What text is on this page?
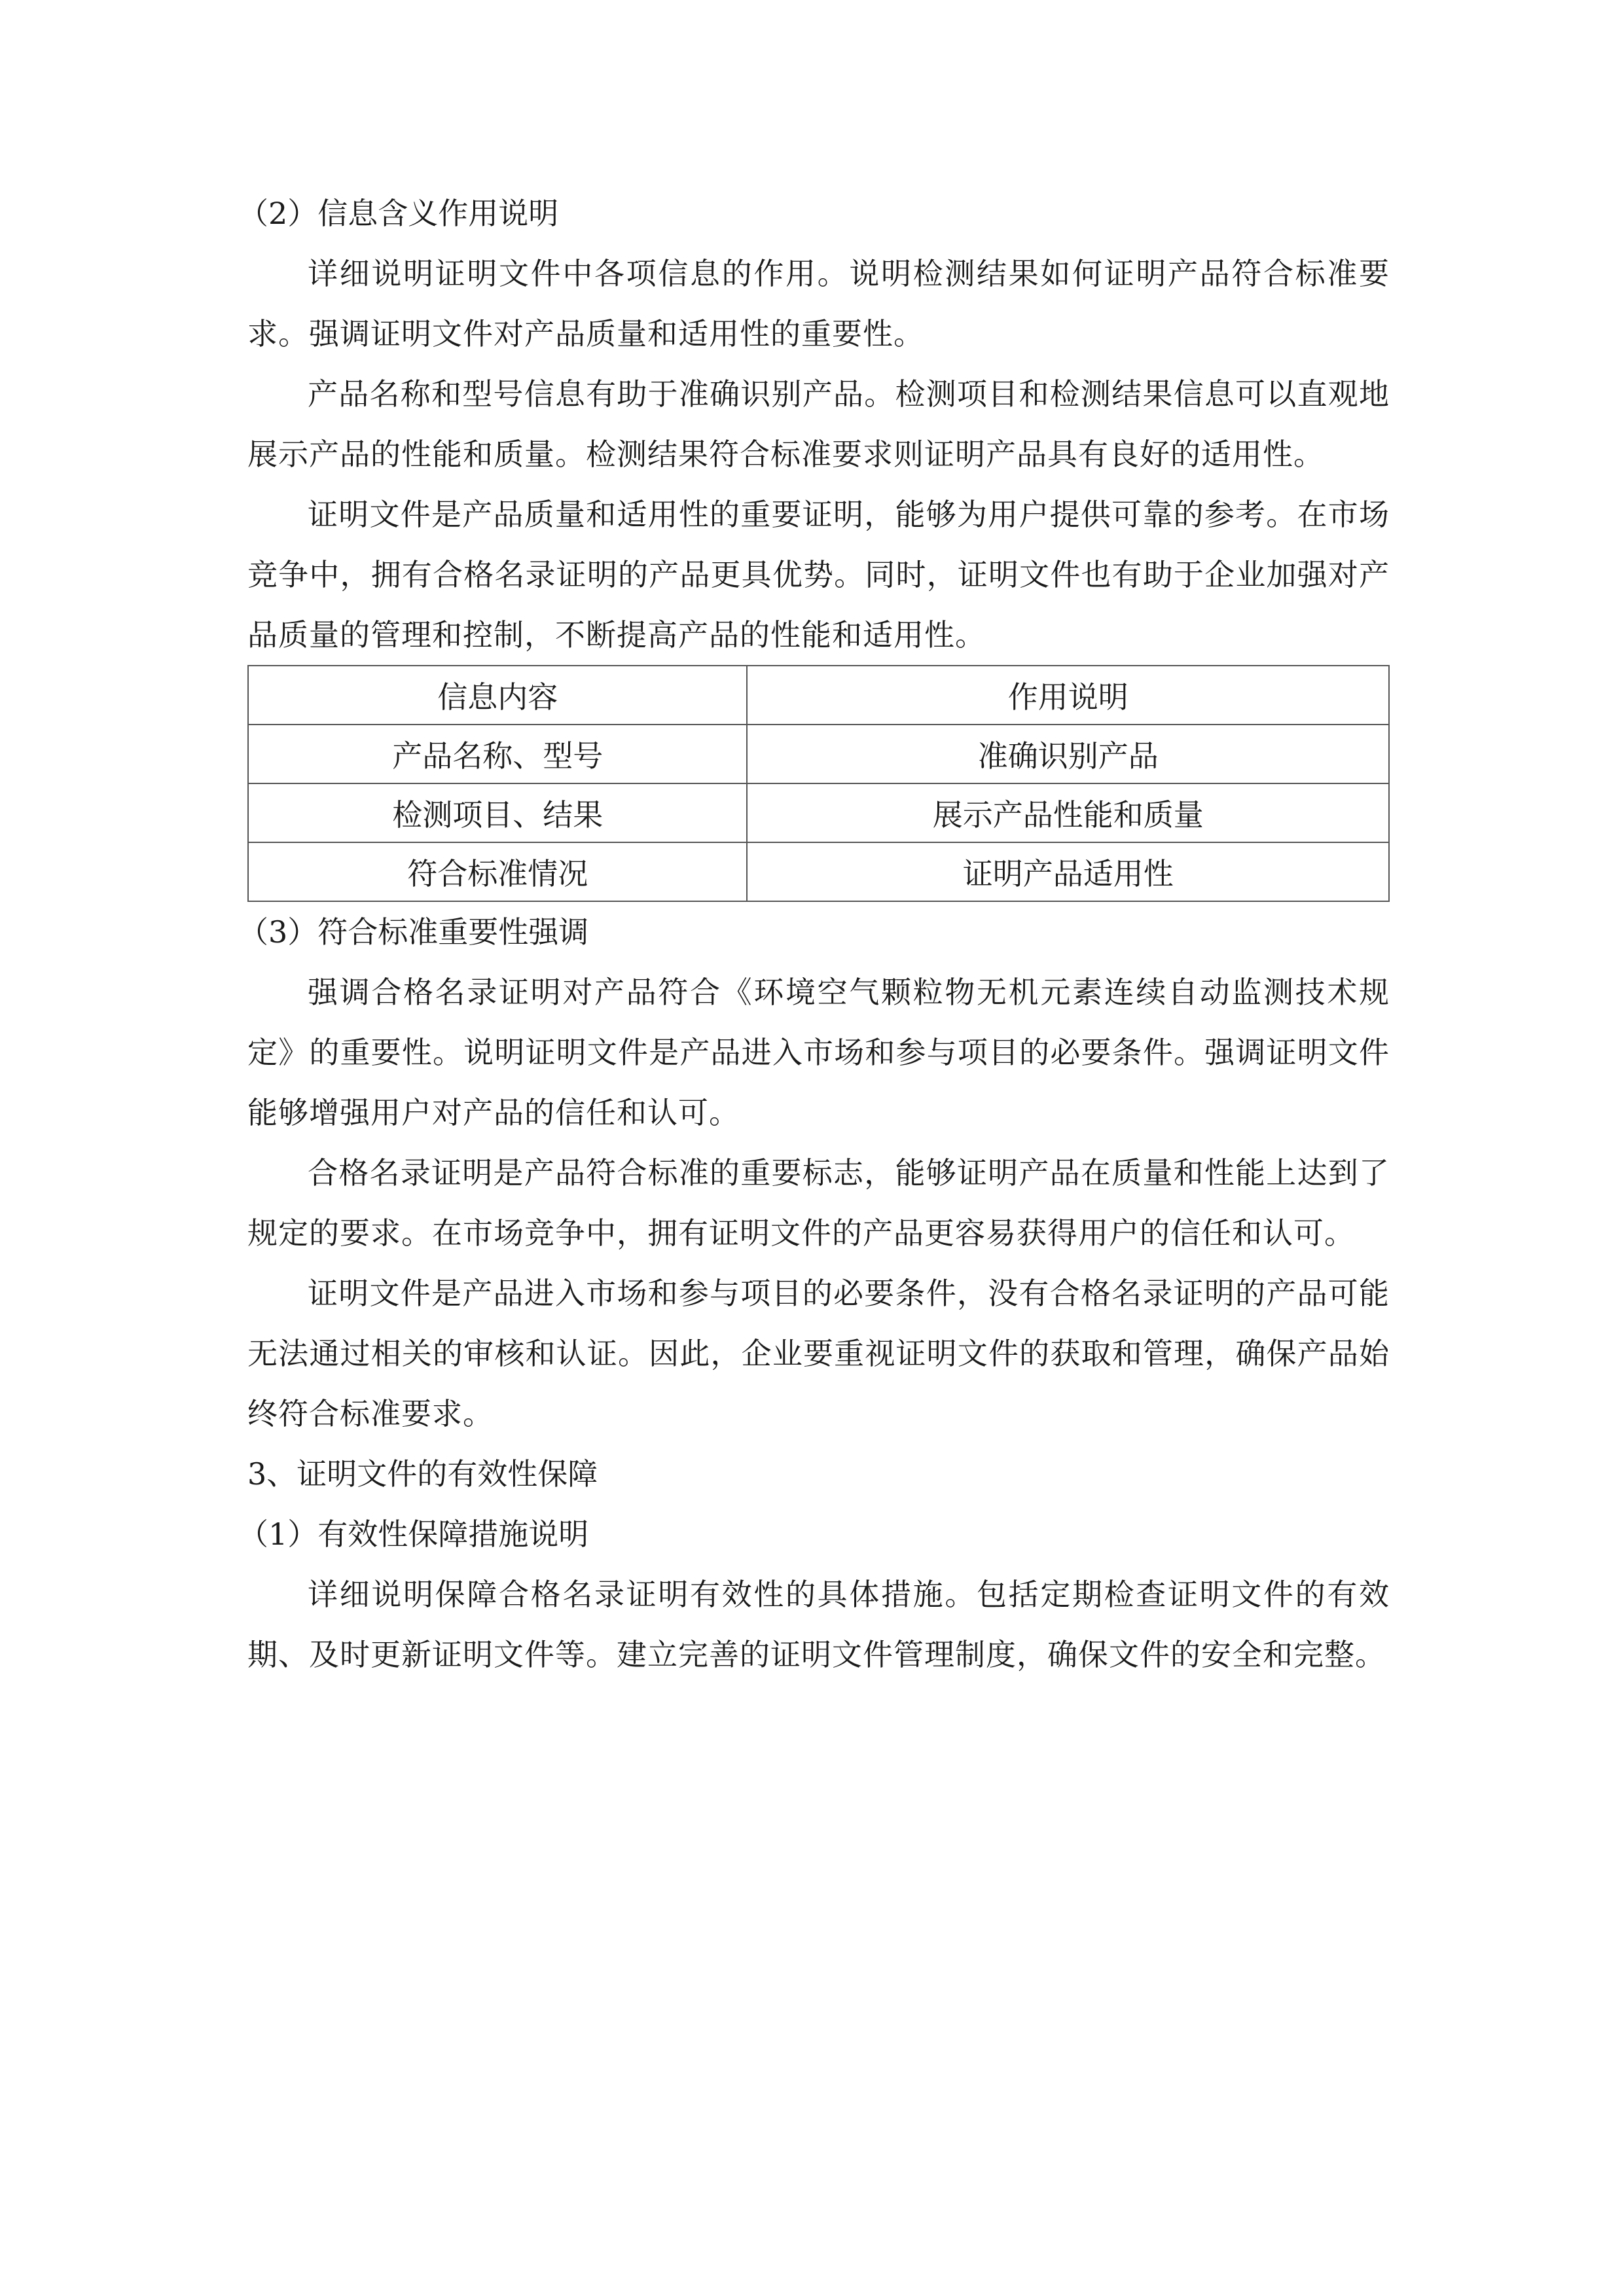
（2）信息含义作用说明

详细说明证明文件中各项信息的作用。说明检测结果如何证明产品符合标准要求。强调证明文件对产品质量和适用性的重要性。

产品名称和型号信息有助于准确识别产品。检测项目和检测结果信息可以直观地展示产品的性能和质量。检测结果符合标准要求则证明产品具有良好的适用性。

证明文件是产品质量和适用性的重要证明，能够为用户提供可靠的参考。在市场竞争中，拥有合格名录证明的产品更具优势。同时，证明文件也有助于企业加强对产品质量的管理和控制，不断提高产品的性能和适用性。

信息内容	作用说明
产品名称、型号	准确识别产品
检测项目、结果	展示产品性能和质量
符合标准情况	证明产品适用性

（3）符合标准重要性强调

强调合格名录证明对产品符合《环境空气颗粒物无机元素连续自动监测技术规定》的重要性。说明证明文件是产品进入市场和参与项目的必要条件。强调证明文件能够增强用户对产品的信任和认可。

合格名录证明是产品符合标准的重要标志，能够证明产品在质量和性能上达到了规定的要求。在市场竞争中，拥有证明文件的产品更容易获得用户的信任和认可。

证明文件是产品进入市场和参与项目的必要条件，没有合格名录证明的产品可能无法通过相关的审核和认证。因此，企业要重视证明文件的获取和管理，确保产品始终符合标准要求。

3、证明文件的有效性保障

（1）有效性保障措施说明

详细说明保障合格名录证明有效性的具体措施。包括定期检查证明文件的有效期、及时更新证明文件等。建立完善的证明文件管理制度，确保文件的安全和完整。
